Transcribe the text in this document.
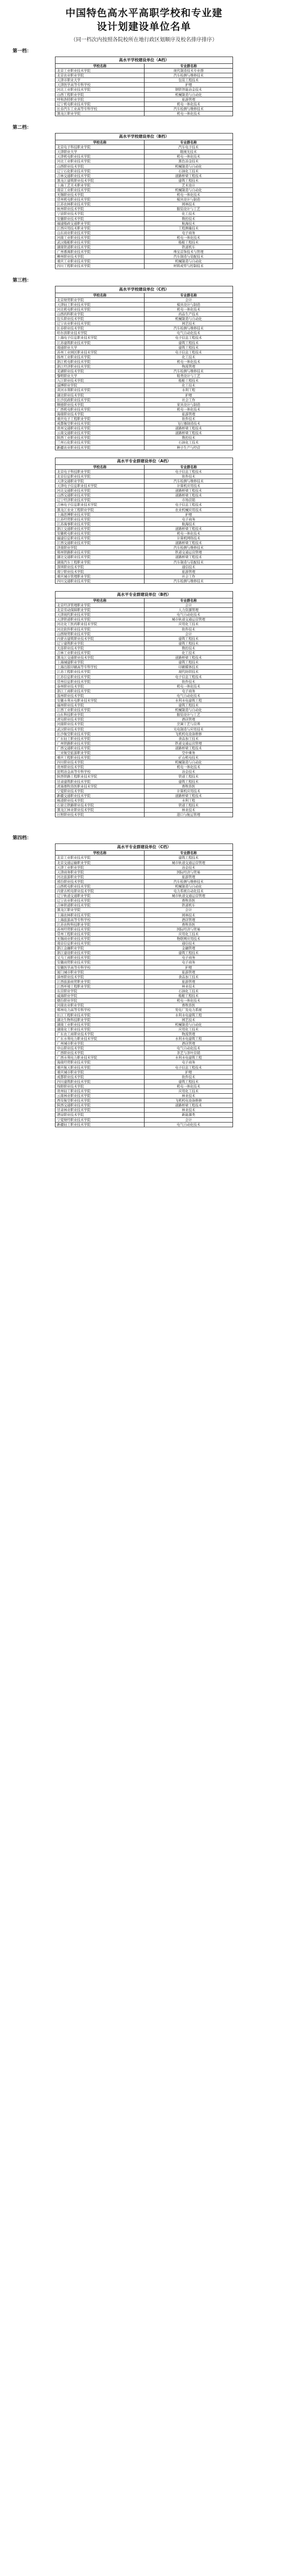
中国特色高水平高职学校和专业建设计划建设单位名单
（同一档次内按照各院校所在地行政区划顺序及校名排序排序）
第一档：
高水平学校建设单位（A档）	
学校名称	专业群名称
北京工业职业技术学院	现代制造技术专业群
北京农业职业学院	汽车检测与维修技术
天津市职业大学	包装工程技术
天津医学高等专科学校	护理
河北工业职业技术学院	钢铁智能冶金技术
山西工程职业学院	机械制造与自动化
呼和浩特职业学院	旅游管理
辽宁机电职业技术学院	机电一体化技术
长春汽车工业高等专科学校	汽车检测与维修技术
黑龙江职业学院	机电一体化技术
第二档：
高水平学校建设单位（B档）	
学校名称	专业群名称
北京电子科技职业学院	汽车电子技术
天津职业大学	眼视光技术
天津机电职业技术学院	机电一体化技术
河北工业职业技术学院	黑色冶金技术
山西职业技术学院	机械制造与自动化
辽宁石化职业技术学院	石油化工技术
吉林交通职业技术学院	道路桥梁工程技术
黑龙江建筑职业技术学院	建筑工程技术
上海工艺美术职业学院	艺术设计
南京工业职业技术学院	机械制造与自动化
无锡职业技术学院	机电一体化技术
常州机电职业技术学院	模具设计与制造
江苏农林职业技术学院	园林技术
杭州职业技术学院	服装设计与工艺
宁波职业技术学院	化工技术
安徽职业技术学院	数控技术
福建船政交通职业学院	航海技术
江西应用技术职业学院	工程测量技术
山东商业职业技术学院	电子商务
河南工业职业技术学院	机电一体化技术
武汉船舶职业技术学院	船舶工程技术
湖南铁道职业技术学院	铁道机车
广州番禺职业技术学院	珠宝首饰技术与管理
柳州职业技术学院	汽车制造与装配技术
重庆工业职业技术学院	机械制造与自动化
四川工程职业技术学院	材料成型与控制技术
第三档：
高水平学校建设单位（C档）	
学校名称	专业群名称
北京财贸职业学院	会计
天津轻工职业技术学院	模具设计与制造
河北机电职业技术学院	机电一体化技术
山西药科职业学院	药品生产技术
包头职业技术学院	机械制造与自动化
辽宁农业职业技术学院	园艺技术
长春职业技术学院	汽车检测与维修技术
哈尔滨职业技术学院	电气自动化技术
上海电子信息职业技术学院	电子信息工程技术
江苏建筑职业技术学院	建筑工程技术
南通职业大学	建筑工程技术
苏州工业园区职业技术学院	电子信息工程技术
扬州工业职业技术学院	化工技术
浙江机电职业技术学院	机电一体化技术
浙江经济职业技术学院	物流管理
芜湖职业技术学院	汽车检测与维修技术
黎明职业大学	鞋类设计与工艺
九江职业技术学院	船舶工程技术
淄博职业学院	化工技术
黄河水利职业技术学院	水利工程
湖北职业技术学院	护理
长沙民政职业技术学院	社会工作
顺德职业技术学院	家具设计与制造
广西机电职业技术学院	机电一体化技术
海南职业技术学院	旅游管理
重庆电子工程职业学院	软件技术
成都航空职业技术学院	飞行器制造技术
贵州交通职业技术学院	道路桥梁工程技术
云南交通职业技术学院	道路桥梁工程技术
陕西工业职业技术学院	数控技术
兰州石化职业技术学院	石油化工技术
新疆农业职业技术学院	种子生产与经营
高水平专业群建设单位（A档）	
学校名称	专业群名称
北京电子科技职业学院	电子信息工程技术
北京信息职业技术学院	软件技术
天津交通职业学院	汽车检测与维修技术
天津电子信息职业技术学院	计算机应用技术
河北交通职业技术学院	道路桥梁工程技术
山西交通职业技术学院	道路桥梁工程技术
辽宁经济职业技术学院	市场营销
吉林电子信息职业技术学院	电子信息工程技术
黑龙江农业工程职业学院	农业机械应用技术
上海思博职业技术学院	护理
江苏经贸职业技术学院	电子商务
江苏海事职业技术学院	航海技术
浙江交通职业技术学院	道路桥梁工程技术
安徽机电职业技术学院	机电一体化技术
福建信息职业技术学院	计算机网络技术
江西交通职业技术学院	道路桥梁工程技术
济南职业学院	汽车检测与维修技术
郑州铁路职业技术学院	铁道交通运营管理
湖北交通职业技术学院	道路桥梁工程技术
湖南汽车工程职业学院	汽车制造与装配技术
深圳职业技术学院	通信技术
南宁职业技术学院	旅游管理
重庆城市管理职业学院	社会工作
四川交通职业技术学院	汽车检测与维修技术
高水平专业群建设单位（B档）	
学校名称	专业群名称
北京经济管理职业学院	会计
北京劳动保障职业学院	人力资源管理
天津现代职业技术学院	电气自动化技术
天津铁道职业技术学院	城市轨道交通运营管理
河北化工医药职业技术学院	应用化工技术
河北软件职业技术学院	软件技术
山西财贸职业技术学院	会计
内蒙古建筑职业技术学院	建筑工程技术
辽宁建筑职业学院	建筑工程技术
大连职业技术学院	数控技术
吉林工业职业技术学院	化工技术
黑龙江交通职业技术学院	道路桥梁工程技术
上海城建职业学院	建筑工程技术
上海出版印刷高等专科学校	印刷媒体技术
江苏工程职业技术学院	现代纺织技术
江苏信息职业技术学院	电子信息工程技术
常州信息职业技术学院	软件技术
泰州职业技术学院	机电一体化技术
浙江工商职业技术学院	电子商务
温州职业技术学院	电气自动化技术
安徽水利水电职业技术学院	水利水电建筑工程
福州职业技术学院	建筑工程技术
江西工业职业技术学院	机械制造与自动化
山东科技职业学院	服装设计与工艺
青岛职业技术学院	酒店管理
河南职业技术学院	烹调工艺与营养
武汉职业技术学院	光电制造与应用技术
长沙航空职业技术学院	飞机机电设备维修
广东轻工职业技术学院	食品加工技术
广州铁路职业技术学院	铁道交通运营管理
广西交通职业技术学院	道路桥梁工程技术
三亚航空旅游职业学院	空中乘务
重庆工程职业技术学院	矿山机电技术
四川职业技术学院	机械制造与自动化
贵州职业技术学院	机电一体化技术
昆明冶金高等专科学校	冶金技术
陕西铁路工程职业技术学院	铁道工程技术
甘肃建筑职业技术学院	建筑工程技术
青海畜牧兽医职业技术学院	畜牧兽医
宁夏职业技术学院	计算机应用技术
新疆交通职业技术学院	道路桥梁工程技术
杨凌职业技术学院	水利工程
石家庄铁路职业技术学院	铁道工程技术
黑龙江林业职业技术学院	林业技术
日照职业技术学院	港口与航运管理
第四档：
高水平专业群建设单位（C档）	
学校名称	专业群名称
北京工业职业技术学院	建筑工程技术
北京交通运输职业学院	城市轨道交通运营管理
天津工业职业学院	冶金技术
天津商务职业学院	国际经济与贸易
河北旅游职业学院	旅游管理
邢台职业技术学院	汽车检测与维修技术
山西机电职业技术学院	机械制造与自动化
内蒙古机电职业技术学院	电力系统自动化技术
辽宁轨道交通职业学院	城市轨道交通运营管理
辽宁农业职业技术学院	畜牧兽医
吉林铁道职业技术学院	铁道机车
黑龙江职业学院	会计
上海农林职业技术学院	园林技术
上海旅游高等专科学校	酒店管理
江苏农牧科技职业学院	畜牧兽医
苏州经贸职业技术学院	国际经济与贸易
常州工程职业技术学院	应用化工技术
无锡商业职业技术学院	物联网应用技术
南京信息职业技术学院	通信技术
浙江金融职业学院	金融管理
浙江建设职业技术学院	建筑工程技术
义乌工商职业技术学院	电子商务
安徽商贸职业技术学院	电子商务
安徽医学高等专科学校	护理
厦门城市职业学院	旅游管理
漳州职业技术学院	食品加工技术
江西旅游商贸职业学院	旅游管理
江西环境工程职业学院	林业技术
东营职业学院	石油化工技术
威海职业学院	船舶工程技术
烟台职业学院	机电一体化技术
河南农业职业学院	畜牧兽医
郑州电力高等专科学校	发电厂及电力系统
长江工程职业技术学院	水利水电建筑工程
湖北生物科技职业学院	园艺技术
湖南工业职业技术学院	机械制造与自动化
湖南化工职业技术学院	应用化工技术
广东农工商职业技术学院	物流管理
广东水利电力职业技术学院	水利水电建筑工程
广州城市职业学院	酒店管理
中山职业技术学院	电气自动化技术
广西职业技术学院	茶艺与茶叶营销
广西水利电力职业技术学院	水利水电建筑工程
海南经贸职业技术学院	电子商务
重庆航天职业技术学院	电子信息工程技术
重庆城市职业学院	护理
成都职业技术学院	软件技术
四川建筑职业技术学院	建筑工程技术
绵阳职业技术学院	机电一体化技术
贵州轻工职业技术学院	应用化工技术
云南林业职业技术学院	林业技术
西安航空职业技术学院	飞机机电设备维修
陕西交通职业技术学院	道路桥梁工程技术
甘肃林业职业技术学院	林业技术
酒泉职业技术学院	新能源类
宁夏财经职业技术学院	会计
新疆轻工职业技术学院	电气自动化技术
